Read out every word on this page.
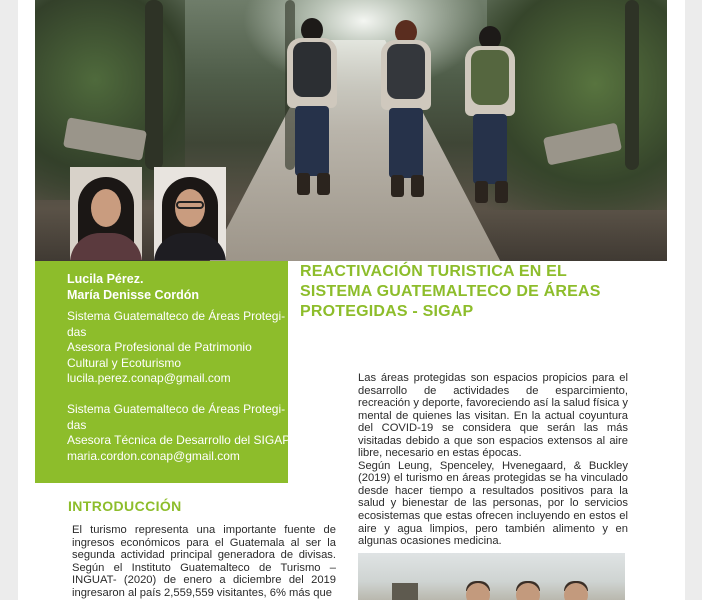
Lucila Pérez.
María Denisse Cordón
Sistema Guatemalteco de Áreas Protegi-
das
Asesora Profesional de Patrimonio
Cultural y Ecoturismo
lucila.perez.conap@gmail.com
Sistema Guatemalteco de Áreas Protegi-
das
Asesora Técnica de Desarrollo del SIGAP
maria.cordon.conap@gmail.com
REACTIVACIÓN TURISTICA EN EL
SISTEMA GUATEMALTECO DE ÁREAS
PROTEGIDAS - SIGAP

Las áreas protegidas son espacios propicios para el desarrollo de actividades de esparcimiento, recreación y deporte, favoreciendo así la salud física y mental de quienes las visitan. En la actual coyuntura del COVID-19 se considera que serán las más visitadas debido a que son espacios extensos al aire libre, necesario en estas épocas.

Según Leung, Spenceley, Hvenegaard, & Buckley (2019) el turismo en áreas protegidas se ha vinculado desde hacer tiempo a resultados positivos para la salud y bienestar de las personas, por lo servicios ecosistemas que estas ofrecen incluyendo en estos el aire y agua limpios, pero también alimento y en algunas ocasiones medicina.

INTRODUCCIÓN

El turismo representa una importante fuente de ingresos económicos para el Guatemala al ser la segunda actividad principal generadora de divisas. Según el Instituto Guatemalteco de Turismo –INGUAT- (2020) de enero a diciembre del 2019 ingresaron al país 2,559,559 visitantes, 6% más que
